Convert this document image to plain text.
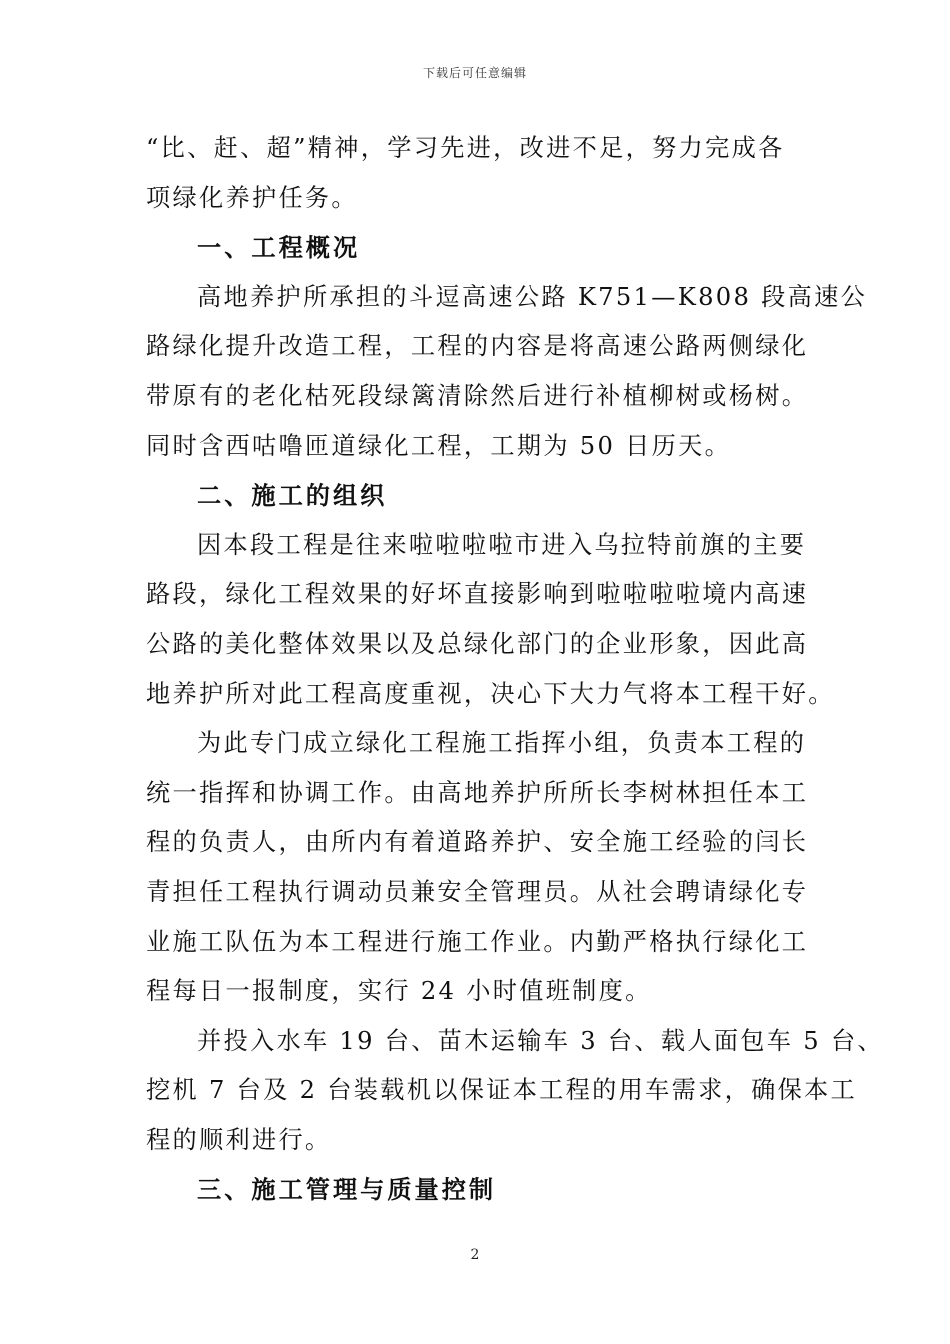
下载后可任意编辑
“比、赶、超”精神，学习先进，改进不足，努力完成各
项绿化养护任务。
一、工程概况
高地养护所承担的斗逗高速公路 K751—K808 段高速公
路绿化提升改造工程，工程的内容是将高速公路两侧绿化
带原有的老化枯死段绿篱清除然后进行补植柳树或杨树。
同时含西咕噜匝道绿化工程，工期为 50 日历天。
二、施工的组织
因本段工程是往来啦啦啦啦市进入乌拉特前旗的主要
路段，绿化工程效果的好坏直接影响到啦啦啦啦境内高速
公路的美化整体效果以及总绿化部门的企业形象，因此高
地养护所对此工程高度重视，决心下大力气将本工程干好。
为此专门成立绿化工程施工指挥小组，负责本工程的
统一指挥和协调工作。由高地养护所所长李树林担任本工
程的负责人，由所内有着道路养护、安全施工经验的闫长
青担任工程执行调动员兼安全管理员。从社会聘请绿化专
业施工队伍为本工程进行施工作业。内勤严格执行绿化工
程每日一报制度，实行 24 小时值班制度。
并投入水车 19 台、苗木运输车 3 台、载人面包车 5 台、
挖机 7 台及 2 台装载机以保证本工程的用车需求，确保本工
程的顺利进行。
三、施工管理与质量控制
2
